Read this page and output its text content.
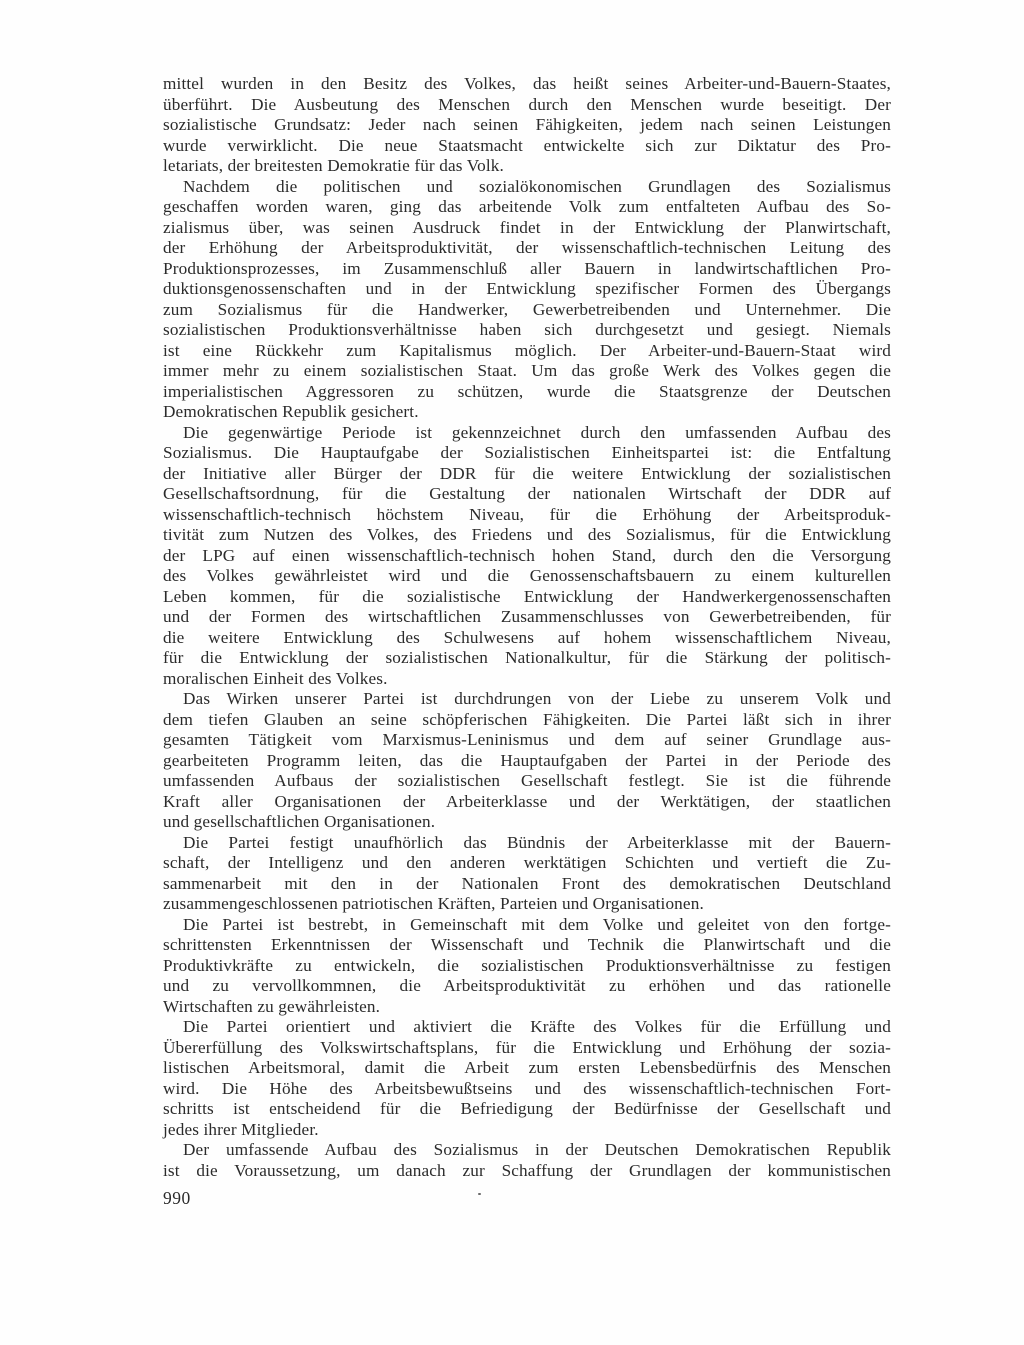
mittel wurden in den Besitz des Volkes, das heißt seines Arbeiter-und-Bauern-Staates,
überführt. Die Ausbeutung des Menschen durch den Menschen wurde beseitigt. Der
sozialistische Grundsatz: Jeder nach seinen Fähigkeiten, jedem nach seinen Leistungen
wurde verwirklicht. Die neue Staatsmacht entwickelte sich zur Diktatur des Pro-
letariats, der breitesten Demokratie für das Volk.
Nachdem die politischen und sozialökonomischen Grundlagen des Sozialismus
geschaffen worden waren, ging das arbeitende Volk zum entfalteten Aufbau des So-
zialismus über, was seinen Ausdruck findet in der Entwicklung der Planwirtschaft,
der Erhöhung der Arbeitsproduktivität, der wissenschaftlich-technischen Leitung des
Produktionsprozesses, im Zusammenschluß aller Bauern in landwirtschaftlichen Pro-
duktionsgenossenschaften und in der Entwicklung spezifischer Formen des Übergangs
zum Sozialismus für die Handwerker, Gewerbetreibenden und Unternehmer. Die
sozialistischen Produktionsverhältnisse haben sich durchgesetzt und gesiegt. Niemals
ist eine Rückkehr zum Kapitalismus möglich. Der Arbeiter-und-Bauern-Staat wird
immer mehr zu einem sozialistischen Staat. Um das große Werk des Volkes gegen die
imperialistischen Aggressoren zu schützen, wurde die Staatsgrenze der Deutschen
Demokratischen Republik gesichert.
Die gegenwärtige Periode ist gekennzeichnet durch den umfassenden Aufbau des
Sozialismus. Die Hauptaufgabe der Sozialistischen Einheitspartei ist: die Entfaltung
der Initiative aller Bürger der DDR für die weitere Entwicklung der sozialistischen
Gesellschaftsordnung, für die Gestaltung der nationalen Wirtschaft der DDR auf
wissenschaftlich-technisch höchstem Niveau, für die Erhöhung der Arbeitsproduk-
tivität zum Nutzen des Volkes, des Friedens und des Sozialismus, für die Entwicklung
der LPG auf einen wissenschaftlich-technisch hohen Stand, durch den die Versorgung
des Volkes gewährleistet wird und die Genossenschaftsbauern zu einem kulturellen
Leben kommen, für die sozialistische Entwicklung der Handwerkergenossenschaften
und der Formen des wirtschaftlichen Zusammenschlusses von Gewerbetreibenden, für
die weitere Entwicklung des Schulwesens auf hohem wissenschaftlichem Niveau,
für die Entwicklung der sozialistischen Nationalkultur, für die Stärkung der politisch-
moralischen Einheit des Volkes.
Das Wirken unserer Partei ist durchdrungen von der Liebe zu unserem Volk und
dem tiefen Glauben an seine schöpferischen Fähigkeiten. Die Partei läßt sich in ihrer
gesamten Tätigkeit vom Marxismus-Leninismus und dem auf seiner Grundlage aus-
gearbeiteten Programm leiten, das die Hauptaufgaben der Partei in der Periode des
umfassenden Aufbaus der sozialistischen Gesellschaft festlegt. Sie ist die führende
Kraft aller Organisationen der Arbeiterklasse und der Werktätigen, der staatlichen
und gesellschaftlichen Organisationen.
Die Partei festigt unaufhörlich das Bündnis der Arbeiterklasse mit der Bauern-
schaft, der Intelligenz und den anderen werktätigen Schichten und vertieft die Zu-
sammenarbeit mit den in der Nationalen Front des demokratischen Deutschland
zusammengeschlossenen patriotischen Kräften, Parteien und Organisationen.
Die Partei ist bestrebt, in Gemeinschaft mit dem Volke und geleitet von den fortge-
schrittensten Erkenntnissen der Wissenschaft und Technik die Planwirtschaft und die
Produktivkräfte zu entwickeln, die sozialistischen Produktionsverhältnisse zu festigen
und zu vervollkommnen, die Arbeitsproduktivität zu erhöhen und das rationelle
Wirtschaften zu gewährleisten.
Die Partei orientiert und aktiviert die Kräfte des Volkes für die Erfüllung und
Übererfüllung des Volkswirtschaftsplans, für die Entwicklung und Erhöhung der sozia-
listischen Arbeitsmoral, damit die Arbeit zum ersten Lebensbedürfnis des Menschen
wird. Die Höhe des Arbeitsbewußtseins und des wissenschaftlich-technischen Fort-
schritts ist entscheidend für die Befriedigung der Bedürfnisse der Gesellschaft und
jedes ihrer Mitglieder.
Der umfassende Aufbau des Sozialismus in der Deutschen Demokratischen Republik
ist die Voraussetzung, um danach zur Schaffung der Grundlagen der kommunistischen
990
